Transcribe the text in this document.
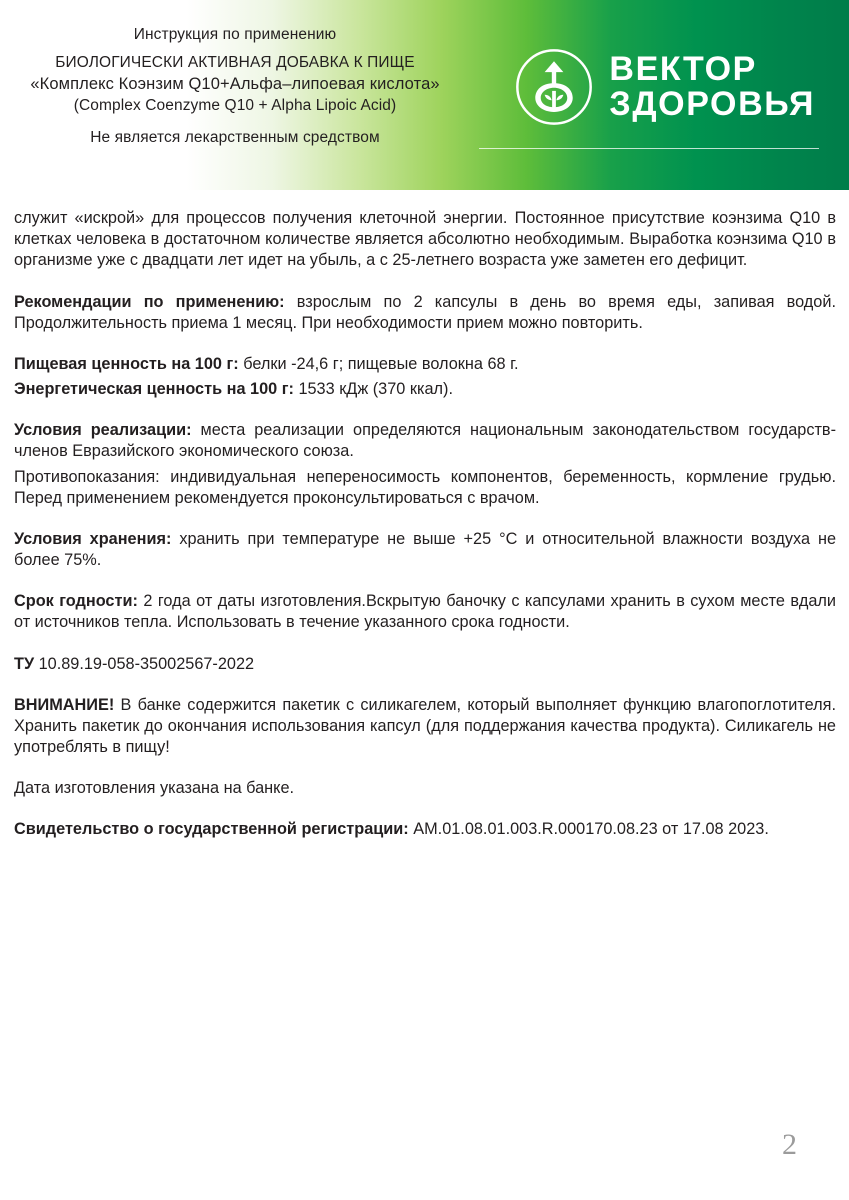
Инструкция по применению
БИОЛОГИЧЕСКИ АКТИВНАЯ ДОБАВКА К ПИЩЕ
«Комплекс Коэнзим Q10+Альфа–липоевая кислота»
(Complex Coenzyme Q10 + Alpha Lipoic Acid)
Не является лекарственным средством
ВЕКТОР
ЗДОРОВЬЯ

служит «искрой» для процессов получения клеточной энергии. Постоянное присутствие коэнзима Q10 в клетках человека в достаточном количестве является абсолютно необходимым. Выработка коэнзима Q10 в организме уже с двадцати лет идет на убыль, а с 25-летнего возраста уже заметен его дефицит.

Рекомендации по применению: взрослым по 2 капсулы в день во время еды, запивая водой. Продолжительность приема 1 месяц. При необходимости прием можно повторить.

Пищевая ценность на 100 г: белки -24,6 г; пищевые волокна 68 г.

Энергетическая ценность на 100 г: 1533 кДж (370 ккал).

Условия реализации: места реализации определяются национальным законодательством государств-членов Евразийского экономического союза.

Противопоказания: индивидуальная непереносимость компонентов, беременность, кормление грудью. Перед применением рекомендуется проконсультироваться с врачом.

Условия хранения: хранить при температуре не выше +25 °С и относительной влажности воздуха не более 75%.

Срок годности: 2 года от даты изготовления.Вскрытую баночку с капсулами хранить в сухом месте вдали от источников тепла. Использовать в течение указанного срока годности.

ТУ 10.89.19-058-35002567-2022

ВНИМАНИЕ! В банке содержится пакетик с силикагелем, который выполняет функцию влагопоглотителя. Хранить пакетик до окончания использования капсул (для поддержания качества продукта). Силикагель не употреблять в пищу!

Дата изготовления указана на банке.

Свидетельство о государственной регистрации: AM.01.08.01.003.R.000170.08.23 от 17.08 2023.

2
